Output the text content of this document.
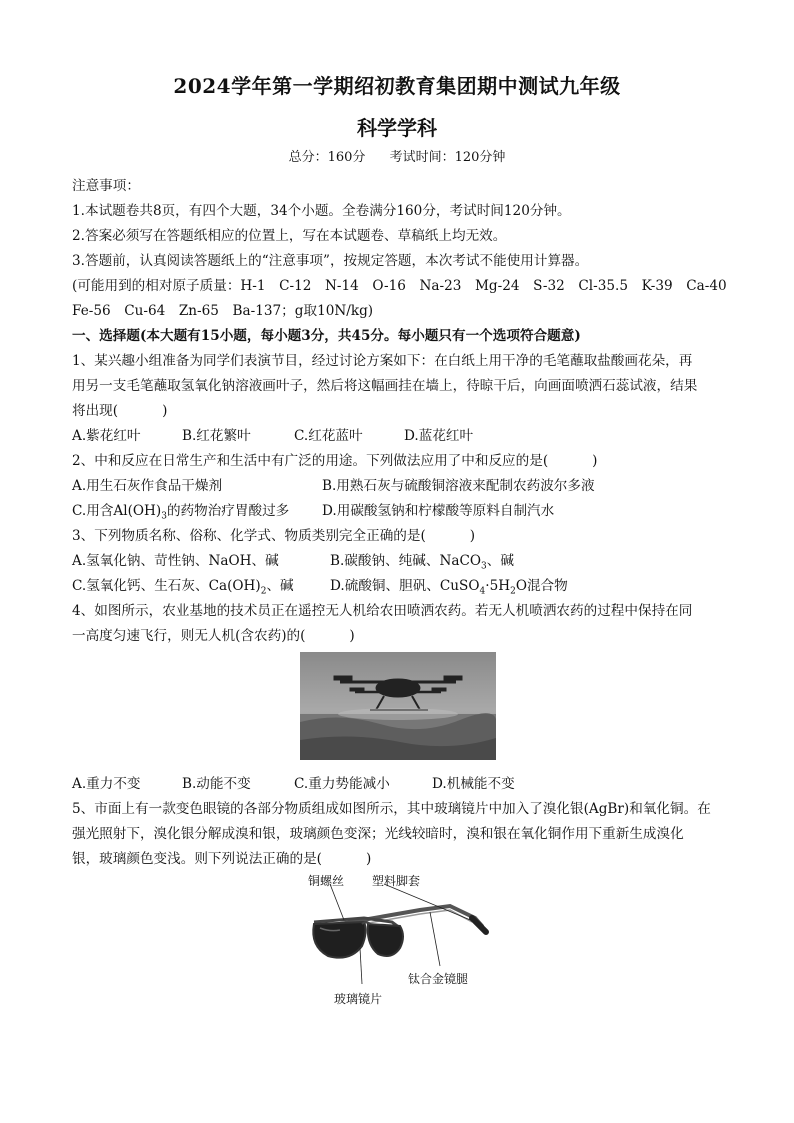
2024学年第一学期绍初教育集团期中测试九年级
科学学科
总分：160分 考试时间：120分钟
注意事项：
1.本试题卷共8页，有四个大题，34个小题。全卷满分160分，考试时间120分钟。
2.答案必须写在答题纸相应的位置上，写在本试题卷、草稿纸上均无效。
3.答题前，认真阅读答题纸上的“注意事项”，按规定答题，本次考试不能使用计算器。
(可能用到的相对原子质量：H-1　C-12　N-14　O-16　Na-23　Mg-24　S-32　Cl-35.5　K-39　Ca-40
Fe-56　Cu-64　Zn-65　Ba-137；g取10N/kg)
一、选择题(本大题有15小题，每小题3分，共45分。每小题只有一个选项符合题意)
1、某兴趣小组准备为同学们表演节目，经过讨论方案如下：在白纸上用干净的毛笔蘸取盐酸画花朵，再
用另一支毛笔蘸取氢氧化钠溶液画叶子，然后将这幅画挂在墙上，待晾干后，向画面喷洒石蕊试液，结果
将出现(	)
A.紫花红叶	B.红花繁叶	C.红花蓝叶	D.蓝花红叶
2、中和反应在日常生产和生活中有广泛的用途。下列做法应用了中和反应的是(	)
A.用生石灰作食品干燥剂	B.用熟石灰与硫酸铜溶液来配制农药波尔多液
C.用含$Al(OH)_3$的药物治疗胃酸过多 D.用碳酸氢钠和柠檬酸等原料自制汽水
3、下列物质名称、俗称、化学式、物质类别完全正确的是(	)
A.氢氧化钠、苛性钠、NaOH、碱	B.碳酸钠、纯碱、NaCO$_3$、碱
C.氢氧化钙、生石灰、$Ca(OH)_2$、碱	D.硫酸铜、胆矾、$CuSO_4\cdot 5H_2O$混合物
4、如图所示，农业基地的技术员正在遥控无人机给农田喷洒农药。若无人机喷洒农药的过程中保持在同
一高度匀速飞行，则无人机(含农药)的(	)
A.重力不变	B.动能不变	C.重力势能减小	D.机械能不变
5、市面上有一款变色眼镜的各部分物质组成如图所示，其中玻璃镜片中加入了溴化银(AgBr)和氧化铜。在
强光照射下，溴化银分解成溴和银，玻璃颜色变深；光线较暗时，溴和银在氧化铜作用下重新生成溴化
银，玻璃颜色变浅。则下列说法正确的是(	)
铜螺丝 塑料脚套
钛合金镜腿
玻璃镜片
